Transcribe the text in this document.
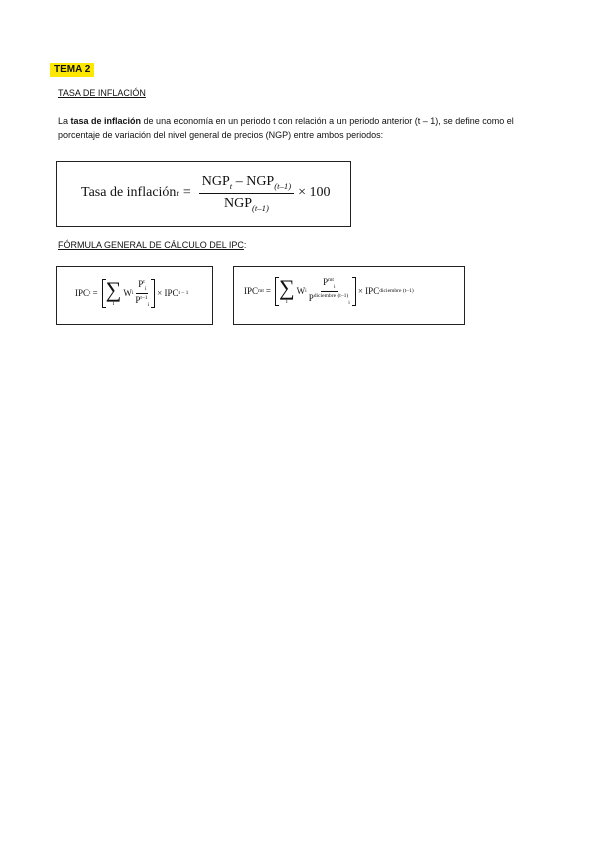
TEMA 2
TASA DE INFLACIÓN
La tasa de inflación de una economía en un periodo t con relación a un periodo anterior (t – 1), se define como el porcentaje de variación del nivel general de precios (NGP) entre ambos periodos:
Tasa de inflación $t = \frac{NGP_t - NGP_{(t-1)}}{NGP_{(t-1)}} \times 100$
FÓRMULA GENERAL DE CÁLCULO DEL IPC:
IPC t = ∑
i
W i $\frac{P^t_i}{P^{t-1}_i}$ × IPC t – 1	IPC mt = ∑
i
W i $\frac{P^{mt}_i}{P^{diciembre (t-1)}_i}$ × IPC diciembre (t–1)
